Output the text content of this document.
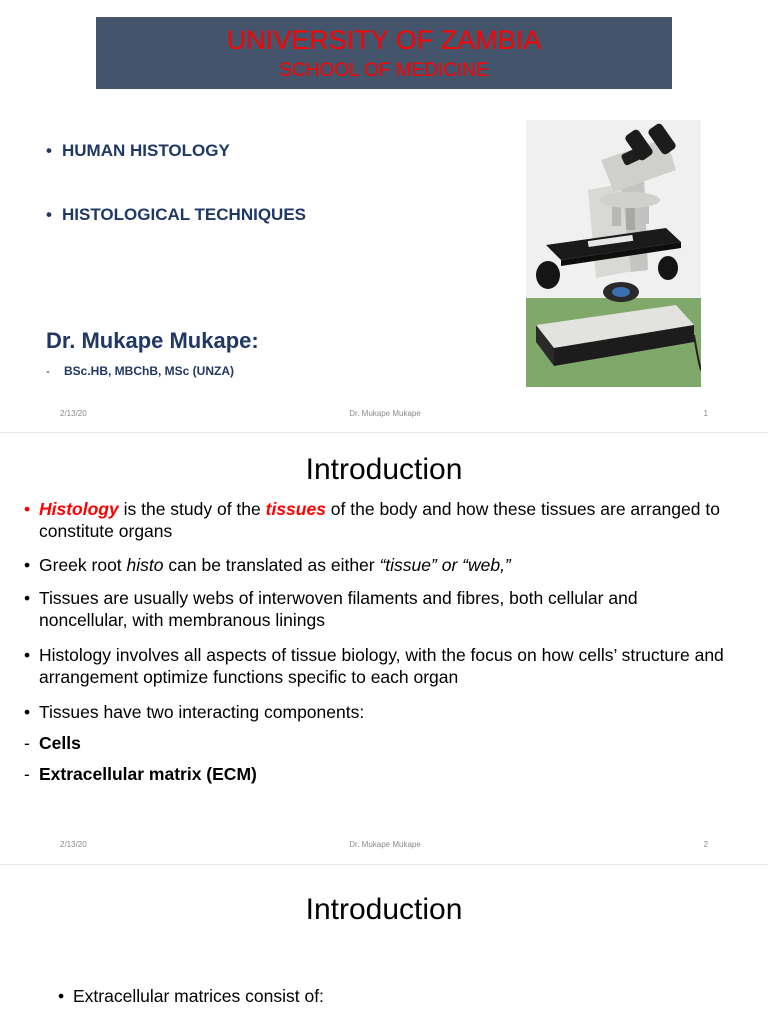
UNIVERSITY OF ZAMBIA
SCHOOL OF MEDICINE
• HUMAN HISTOLOGY
• HISTOLOGICAL TECHNIQUES
Dr. Mukape Mukape:
- BSc.HB, MBChB, MSc (UNZA)
2/13/20	Dr. Mukape Mukape	1
Introduction
• Histology is the study of the tissues of the body and how these tissues are arranged to constitute organs
• Greek root histo can be translated as either “tissue” or “web,”
• Tissues are usually webs of interwoven filaments and fibres, both cellular and noncellular, with membranous linings
• Histology involves all aspects of tissue biology, with the focus on how cells’ structure and arrangement optimize functions specific to each organ
• Tissues have two interacting components:
- Cells
- Extracellular matrix (ECM)
2/13/20	Dr. Mukape Mukape	2
Introduction
• Extracellular matrices consist of:
